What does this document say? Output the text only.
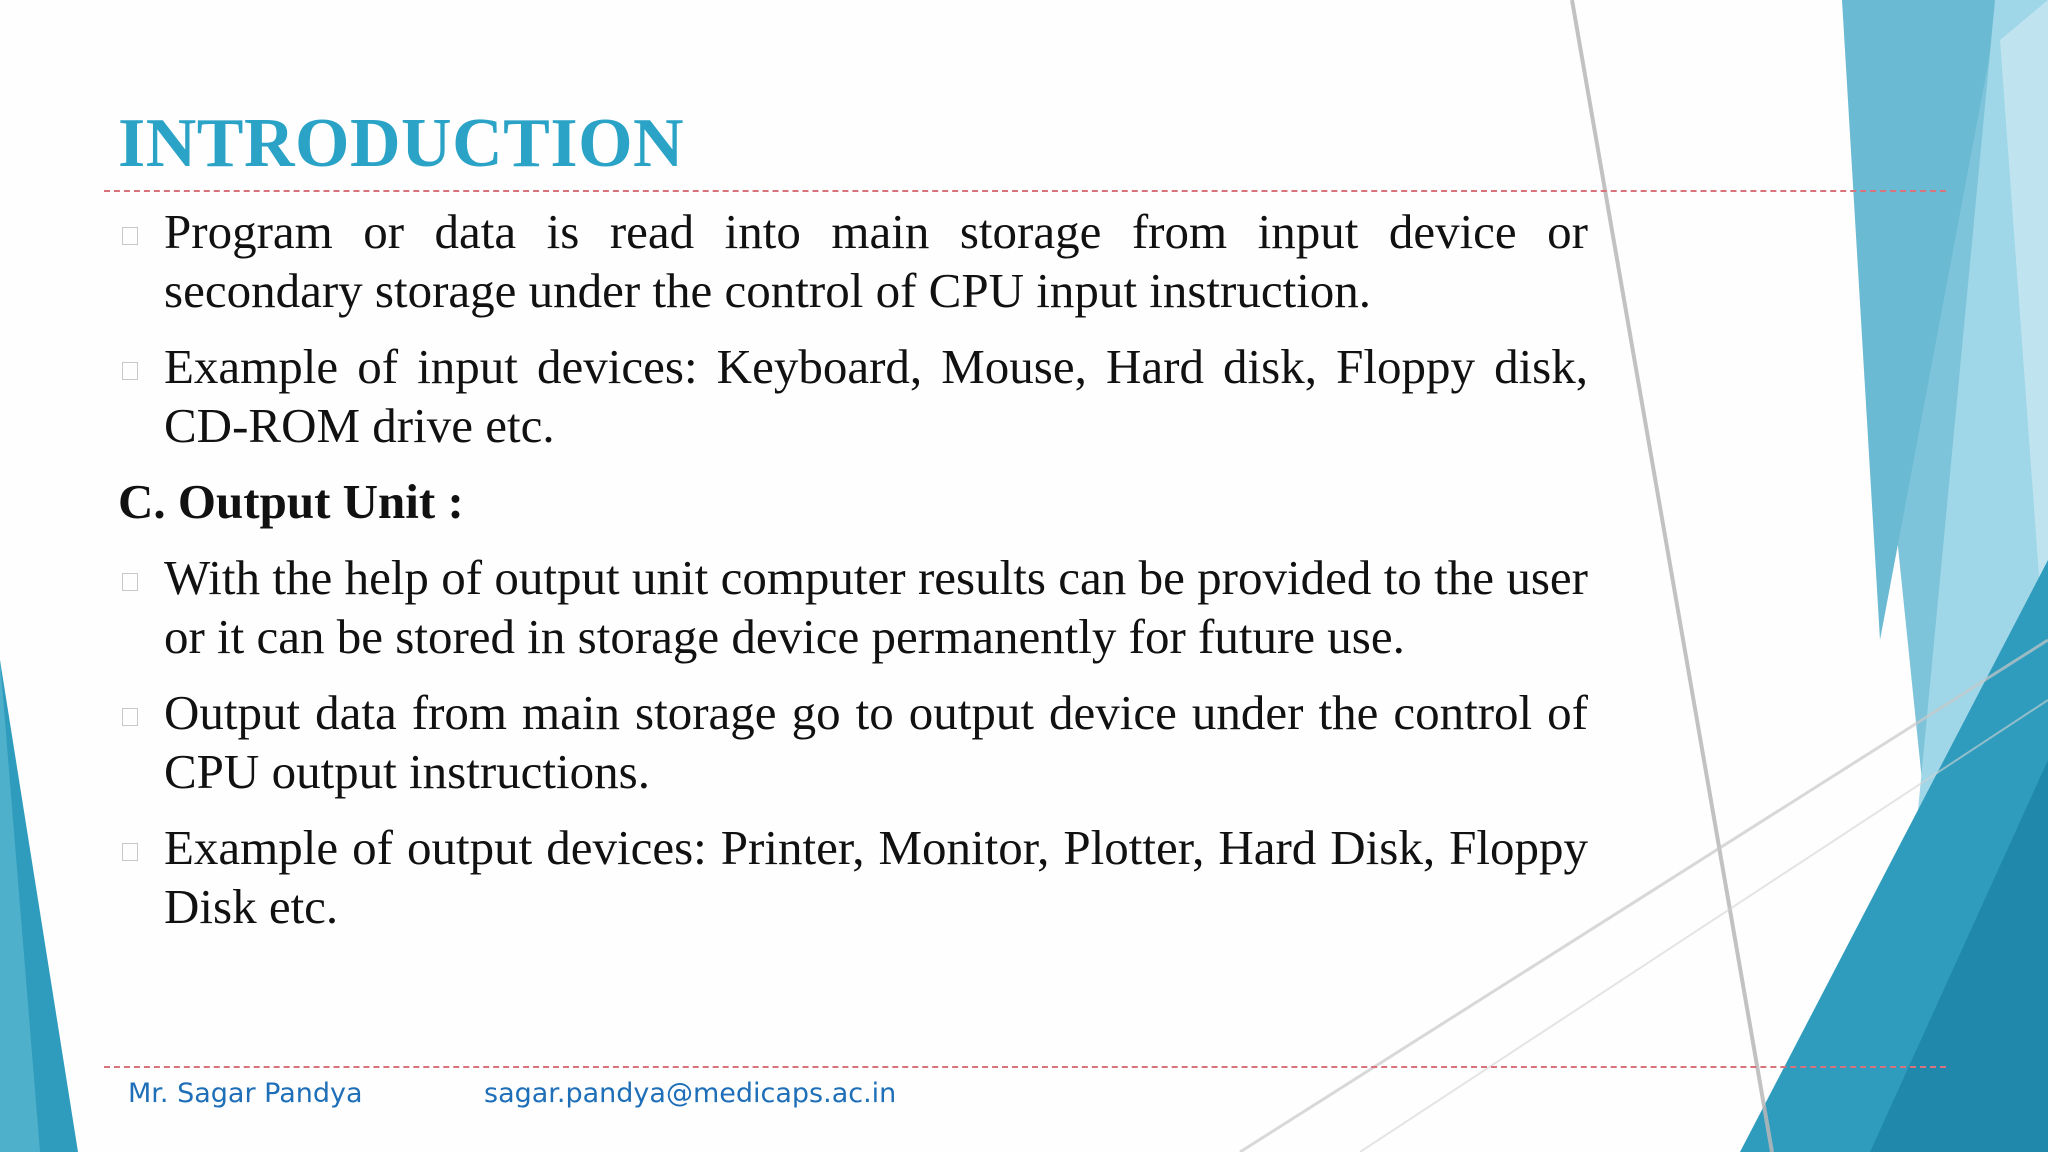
INTRODUCTION
Program or data is read into main storage from input device or secondary storage under the control of CPU input instruction.
Example of input devices: Keyboard, Mouse, Hard disk, Floppy disk, CD-ROM drive etc.
C. Output Unit :
With the help of output unit computer results can be provided to the user or it can be stored in storage device permanently for future use.
Output data from main storage go to output device under the control of CPU output instructions.
Example of output devices: Printer, Monitor, Plotter, Hard Disk, Floppy Disk etc.
Mr. Sagar Pandya	sagar.pandya@medicaps.ac.in
